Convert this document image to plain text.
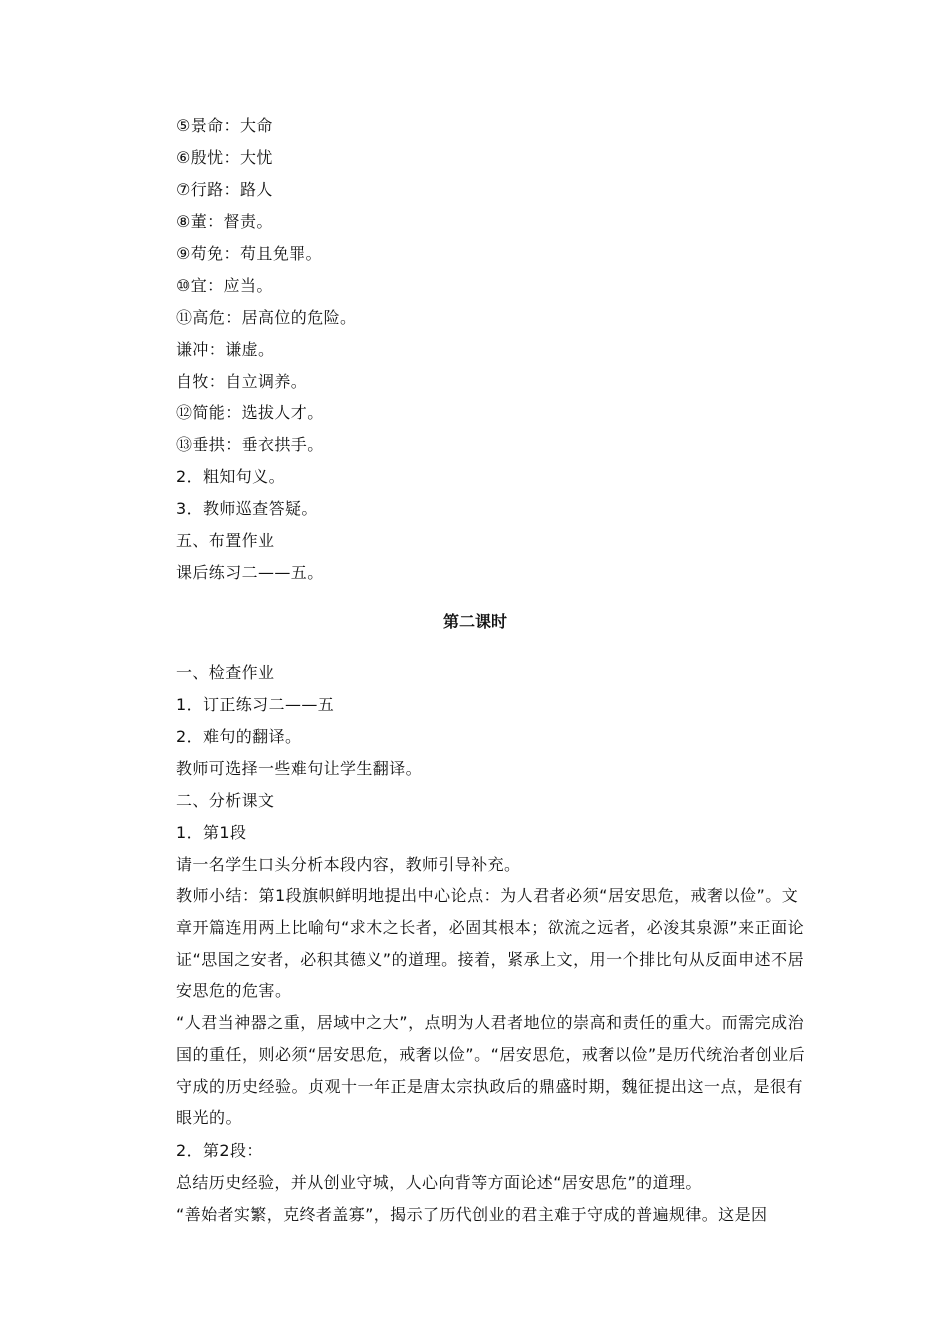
⑤景命：大命
⑥殷忧：大忧
⑦行路：路人
⑧董：督责。
⑨苟免：苟且免罪。
⑩宜：应当。
⑪高危：居高位的危险。
谦冲：谦虚。
自牧：自立调养。
⑫简能：选拔人才。
⑬垂拱：垂衣拱手。
2．粗知句义。
3．教师巡查答疑。
五、布置作业
课后练习二——五。
第二课时
一、检查作业
1．订正练习二——五
2．难句的翻译。
教师可选择一些难句让学生翻译。
二、分析课文
1．第1段
请一名学生口头分析本段内容，教师引导补充。

教师小结：第1段旗帜鲜明地提出中心论点：为人君者必须“居安思危，戒奢以俭”。文章开篇连用两上比喻句“求木之长者，必固其根本；欲流之远者，必浚其泉源”来正面论证“思国之安者，必积其德义”的道理。接着，紧承上文，用一个排比句从反面申述不居安思危的危害。

“人君当神器之重，居域中之大”，点明为人君者地位的崇高和责任的重大。而需完成治国的重任，则必须“居安思危，戒奢以俭”。“居安思危，戒奢以俭”是历代统治者创业后守成的历史经验。贞观十一年正是唐太宗执政后的鼎盛时期，魏征提出这一点，是很有眼光的。

2．第2段：
总结历史经验，并从创业守城，人心向背等方面论述“居安思危”的道理。
“善始者实繁，克终者盖寡”，揭示了历代创业的君主难于守成的普遍规律。这是因
